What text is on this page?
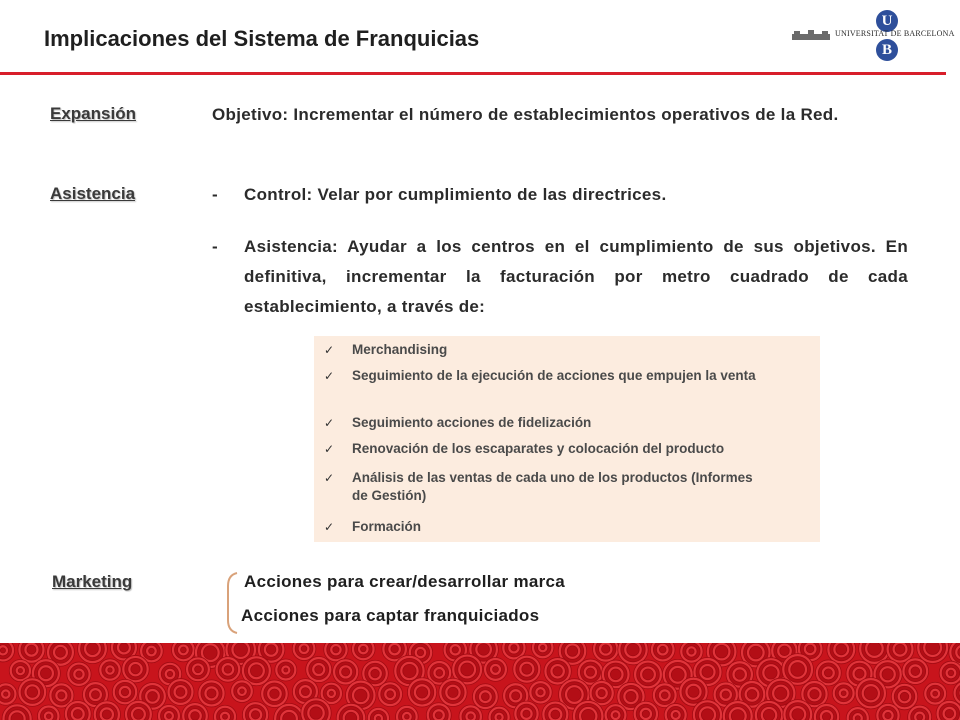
Implicaciones del Sistema de Franquicias
U
UNIVERSITAT DE BARCELONA
B
Expansión	Objetivo: Incrementar el número de establecimientos operativos de la Red.
Asistencia	- Control: Velar por cumplimiento de las directrices.
- Asistencia: Ayudar a los centros en el cumplimiento de sus objetivos. En definitiva, incrementar la facturación por metro cuadrado de cada establecimiento, a través de:
✓ Merchandising
✓ Seguimiento de la ejecución de acciones que empujen la venta
✓ Seguimiento acciones de fidelización
✓ Renovación de los escaparates y colocación del producto
✓ Análisis de las ventas de cada uno de los productos (Informes de Gestión)
✓ Formación
Marketing	Acciones para crear/desarrollar marca
Acciones para captar franquiciados
